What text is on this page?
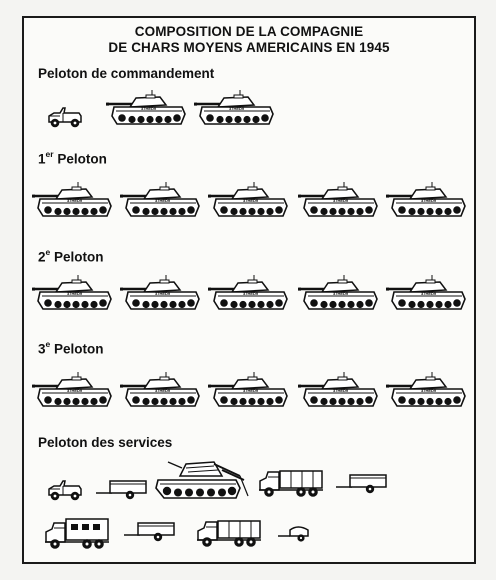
COMPOSITION DE LA COMPAGNIE
DE CHARS MOYENS AMERICAINS EN 1945
Peloton de commandement
1er Peloton
2e Peloton
3e Peloton
Peloton des services
37HED9	37HED9
37HED9	37HED9	37HED9	37HED9	37HED9
37HED9	37HED9	37HED9	37HED9	37HED9
37HED9	37HED9	37HED9	37HED9	37HED9
